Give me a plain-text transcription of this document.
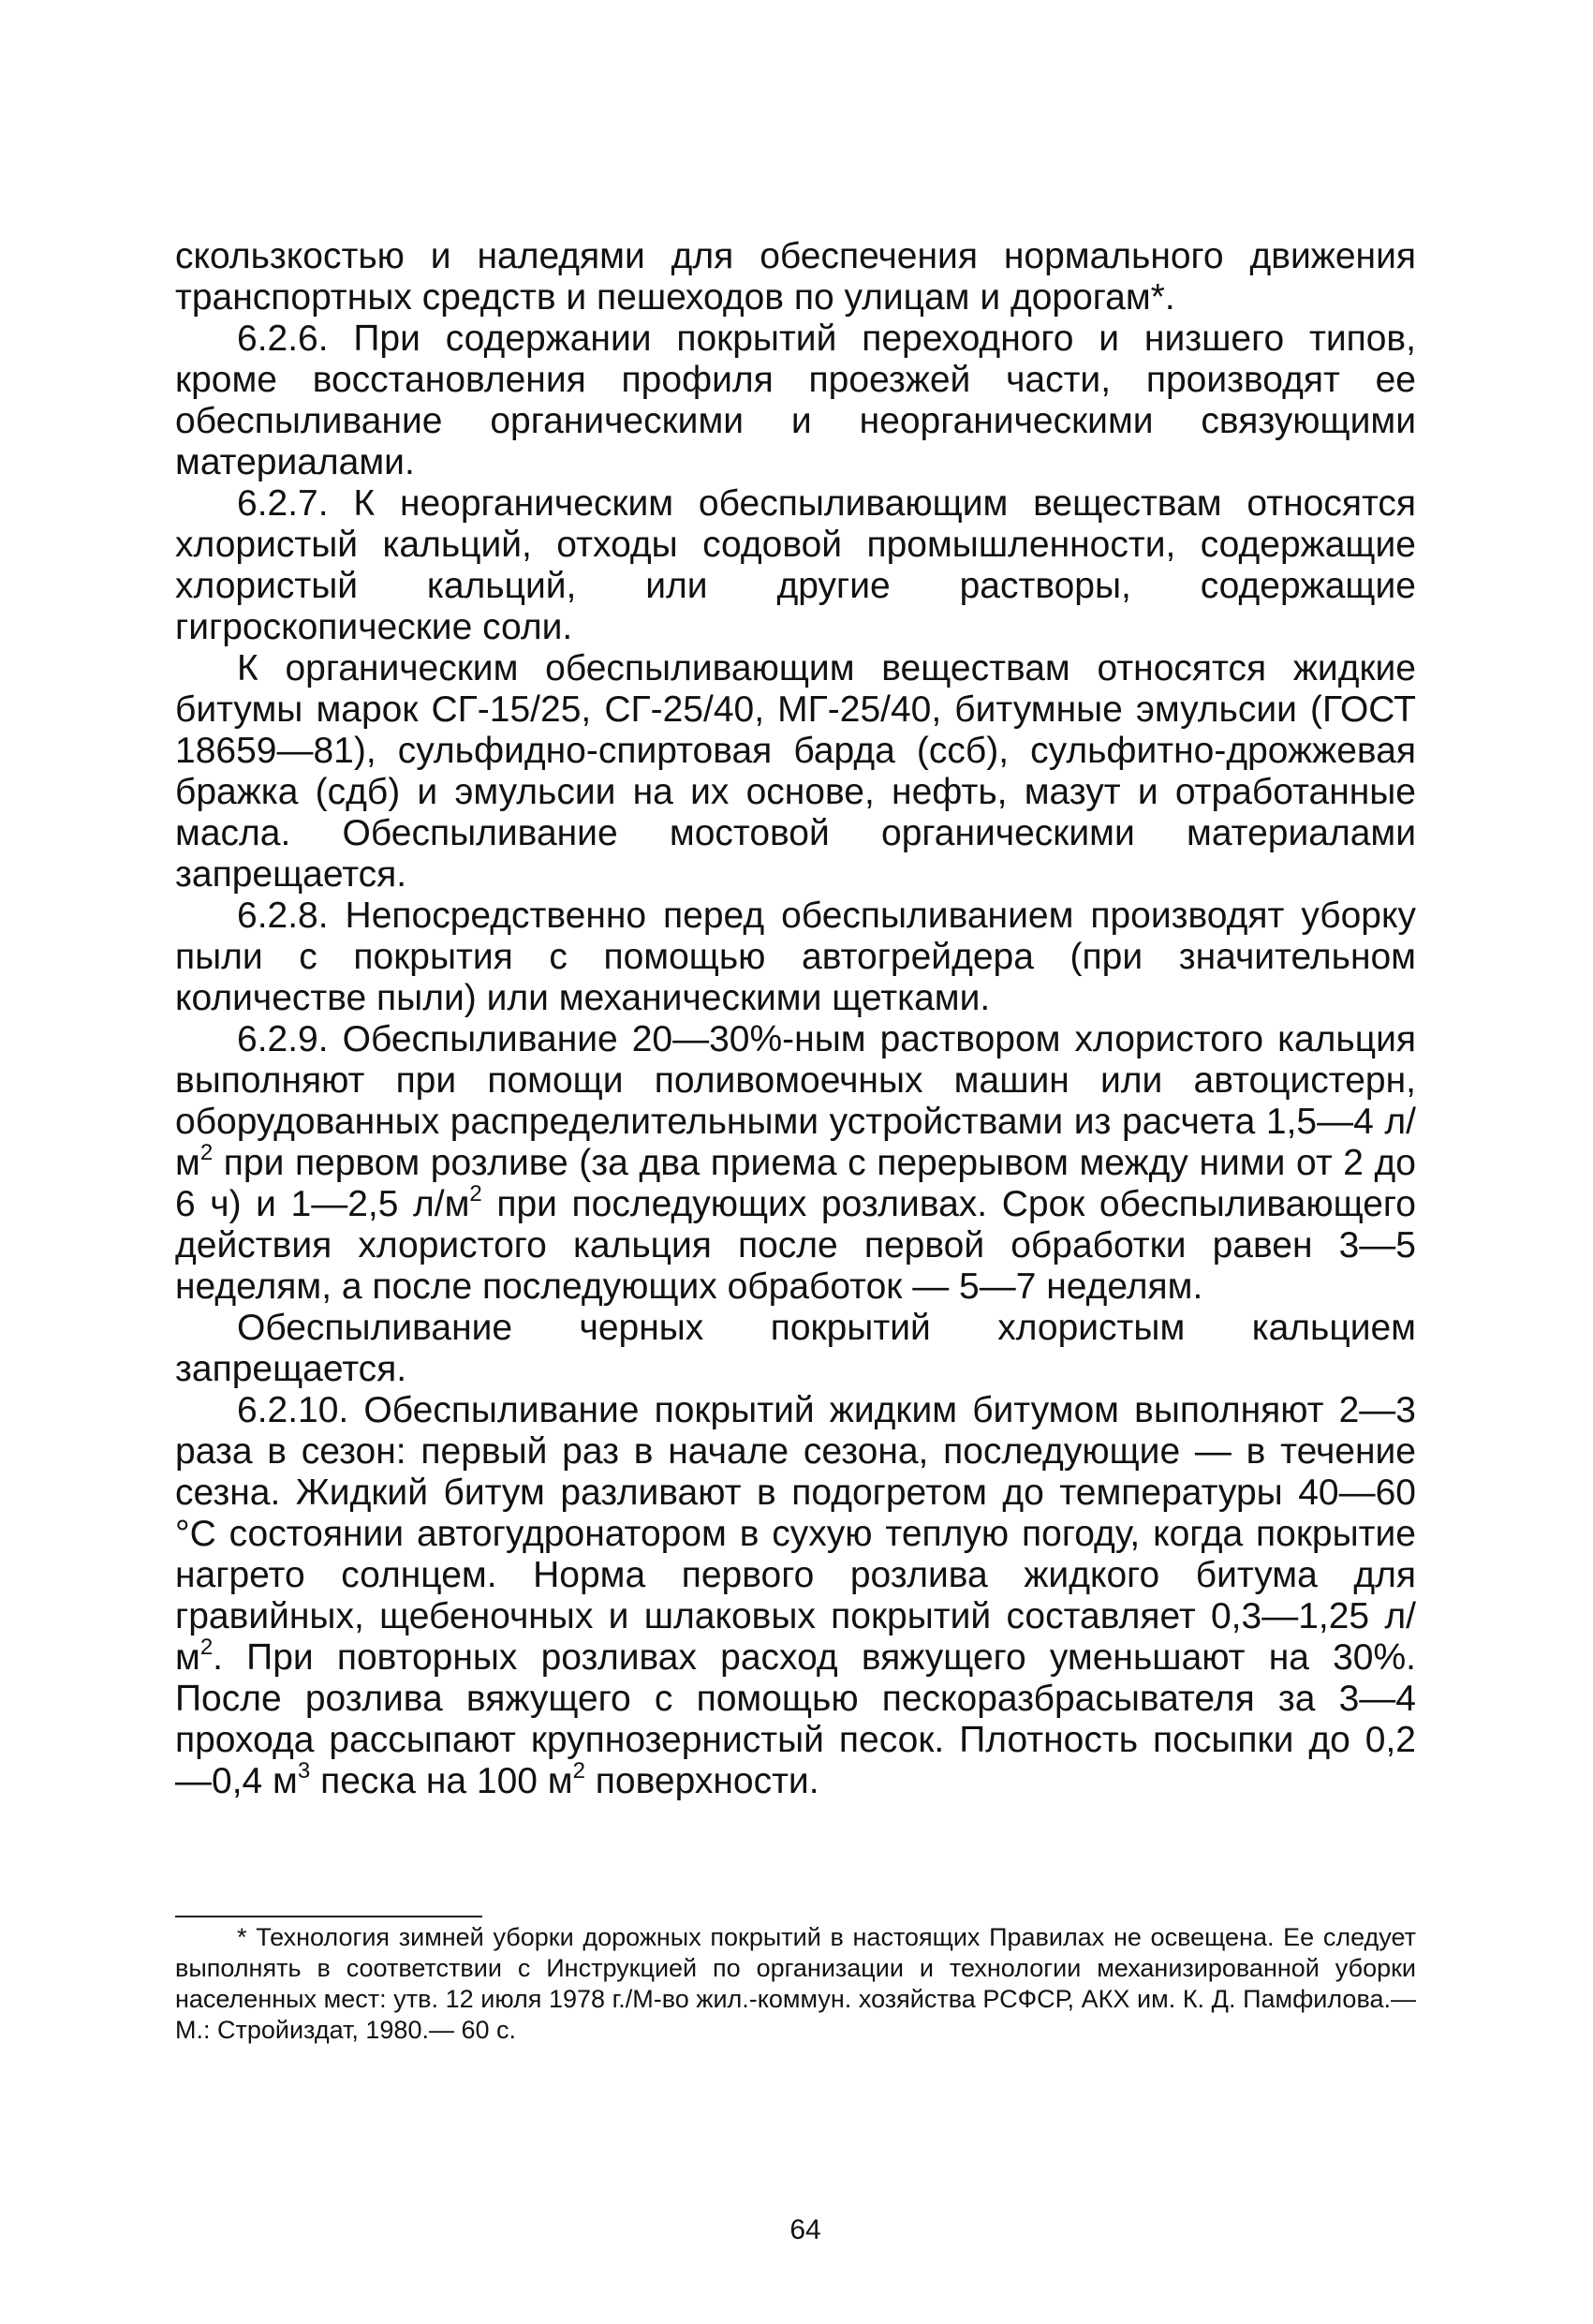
скользкостью и наледями для обеспечения нормального движения транспортных средств и пешеходов по улицам и дорогам*.

6.2.6. При содержании покрытий переходного и низшего типов, кроме восстановления профиля проезжей части, производят ее обеспыливание органическими и неорганическими связующими материалами.

6.2.7. К неорганическим обеспыливающим веществам относятся хлористый кальций, отходы содовой промышленности, содержащие хлористый кальций, или другие растворы, содержащие гигроскопические соли.

К органическим обеспыливающим веществам относятся жидкие битумы марок СГ-15/25, СГ-25/40, МГ-25/40, битумные эмульсии (ГОСТ 18659—81), сульфидно-спиртовая барда (ссб), сульфитно-дрожжевая бражка (сдб) и эмульсии на их основе, нефть, мазут и отработанные масла. Обеспыливание мостовой органическими материалами запрещается.

6.2.8. Непосредственно перед обеспыливанием производят уборку пыли с покрытия с помощью автогрейдера (при значительном количестве пыли) или механическими щетками.

6.2.9. Обеспыливание 20—30%-ным раствором хлористого кальция выполняют при помощи поливомоечных машин или автоцистерн, оборудованных распределительными устройствами из расчета 1,5—4 $л/м^2$ при первом розливе (за два приема с перерывом между ними от 2 до 6 ч) и 1—2,5 $л/м^2$ при последующих розливах. Срок обеспыливающего действия хлористого кальция после первой обработки равен 3—5 неделям, а после последующих обработок — 5—7 неделям.

Обеспыливание черных покрытий хлористым кальцием запрещается.

6.2.10. Обеспыливание покрытий жидким битумом выполняют 2—3 раза в сезон: первый раз в начале сезона, последующие — в течение сезна. Жидкий битум разливают в подогретом до температуры 40—60 °С состоянии автогудронатором в сухую теплую погоду, когда покрытие нагрето солнцем. Норма первого розлива жидкого битума для гравийных, щебеночных и шлаковых покрытий составляет 0,3—1,25 $л/м^2$. При повторных розливах расход вяжущего уменьшают на 30%. После розлива вяжущего с помощью пескоразбрасывателя за 3—4 прохода рассыпают крупнозернистый песок. Плотность посыпки до 0,2—0,4 $м^3$ песка на 100 $м^2$ поверхности.

* Технология зимней уборки дорожных покрытий в настоящих Правилах не освещена. Ее следует выполнять в соответствии с Инструкцией по организации и технологии механизированной уборки населенных мест: утв. 12 июля 1978 г./М-во жил.-коммун. хозяйства РСФСР, АКХ им. К. Д. Памфилова.— М.: Стройиздат, 1980.— 60 с.
64
